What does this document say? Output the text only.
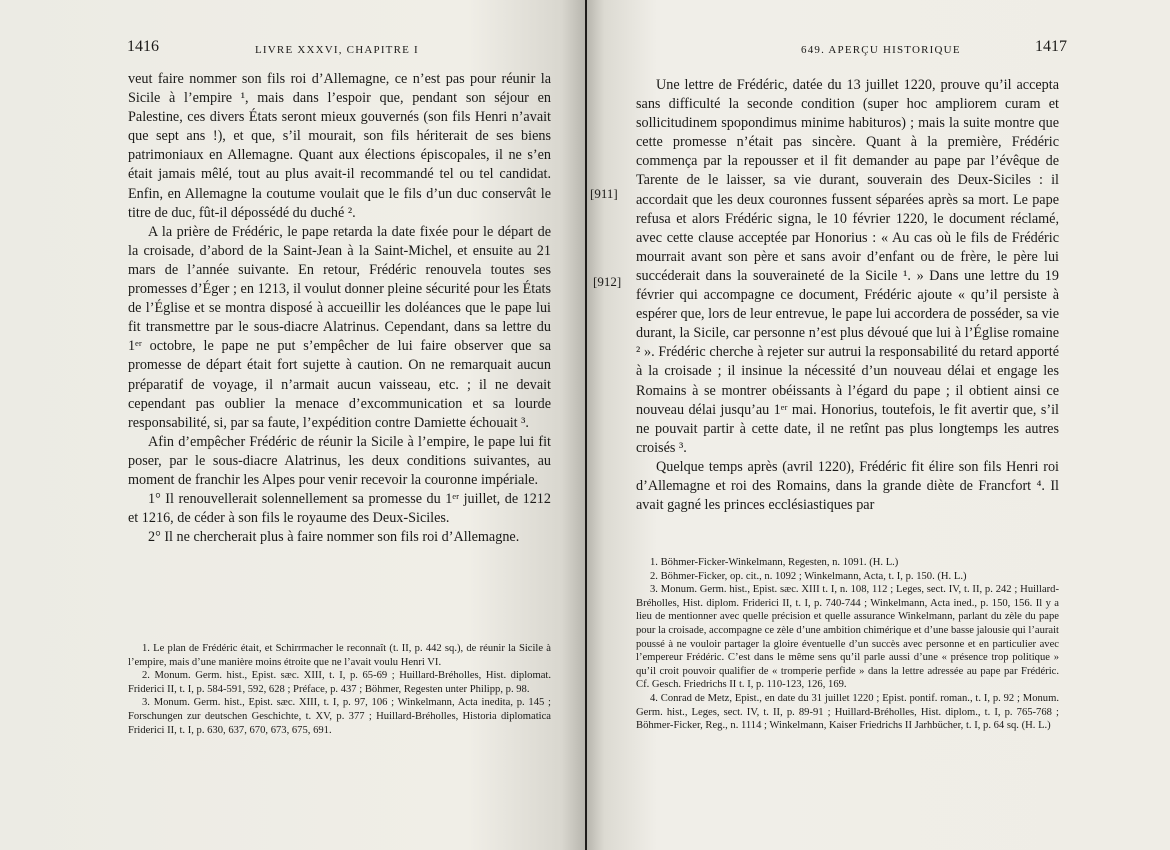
1416	LIVRE XXXVI, CHAPITRE I

veut faire nommer son fils roi d’Allemagne, ce n’est pas pour réunir la Sicile à l’empire ¹, mais dans l’espoir que, pendant son séjour en Palestine, ces divers États seront mieux gouvernés (son fils Henri n’avait que sept ans !), et que, s’il mourait, son fils hériterait de ses biens patrimoniaux en Allemagne. Quant aux élections épiscopales, il ne s’en était jamais mêlé, tout au plus avait-il recommandé tel ou tel candidat. Enfin, en Allemagne la coutume voulait que le fils d’un duc conservât le titre de duc, fût-il dépossédé du duché ².

A la prière de Frédéric, le pape retarda la date fixée pour le départ de la croisade, d’abord de la Saint-Jean à la Saint-Michel, et ensuite au 21 mars de l’année suivante. En retour, Frédéric renouvela toutes ses promesses d’Éger ; en 1213, il voulut donner pleine sécurité pour les États de l’Église et se montra disposé à accueillir les doléances que le pape lui fit transmettre par le sous-diacre Alatrinus. Cependant, dans sa lettre du 1ᵉʳ octobre, le pape ne put s’empêcher de lui faire observer que sa promesse de départ était fort sujette à caution. On ne remarquait aucun préparatif de voyage, il n’armait aucun vaisseau, etc. ; il ne devait cependant pas oublier la menace d’excommunication et sa lourde responsabilité, si, par sa faute, l’expédition contre Damiette échouait ³.

Afin d’empêcher Frédéric de réunir la Sicile à l’empire, le pape lui fit poser, par le sous-diacre Alatrinus, les deux conditions suivantes, au moment de franchir les Alpes pour venir recevoir la couronne impériale.

1° Il renouvellerait solennellement sa promesse du 1ᵉʳ juillet, de 1212 et 1216, de céder à son fils le royaume des Deux-Siciles.

2° Il ne chercherait plus à faire nommer son fils roi d’Allemagne.

1. Le plan de Frédéric était, et Schirrmacher le reconnaît (t. II, p. 442 sq.), de réunir la Sicile à l’empire, mais d’une manière moins étroite que ne l’avait voulu Henri VI.

2. Monum. Germ. hist., Epist. sæc. XIII, t. I, p. 65-69 ; Huillard-Bréholles, Hist. diplomat. Friderici II, t. I, p. 584-591, 592, 628 ; Préface, p. 437 ; Böhmer, Regesten unter Philipp, p. 98.

3. Monum. Germ. hist., Epist. sæc. XIII, t. I, p. 97, 106 ; Winkelmann, Acta inedita, p. 145 ; Forschungen zur deutschen Geschichte, t. XV, p. 377 ; Huillard-Bréholles, Historia diplomatica Friderici II, t. I, p. 630, 637, 670, 673, 675, 691.

649. APERÇU HISTORIQUE	1417
[911]
[912]

Une lettre de Frédéric, datée du 13 juillet 1220, prouve qu’il accepta sans difficulté la seconde condition (super hoc ampliorem curam et sollicitudinem spopondimus minime habituros) ; mais la suite montre que cette promesse n’était pas sincère. Quant à la première, Frédéric commença par la repousser et il fit demander au pape par l’évêque de Tarente de le laisser, sa vie durant, souverain des Deux-Siciles : il accordait que les deux couronnes fussent séparées après sa mort. Le pape refusa et alors Frédéric signa, le 10 février 1220, le document réclamé, avec cette clause acceptée par Honorius : « Au cas où le fils de Frédéric mourrait avant son père et sans avoir d’enfant ou de frère, le père lui succéderait dans la souveraineté de la Sicile ¹. » Dans une lettre du 19 février qui accompagne ce document, Frédéric ajoute « qu’il persiste à espérer que, lors de leur entrevue, le pape lui accordera de posséder, sa vie durant, la Sicile, car personne n’est plus dévoué que lui à l’Église romaine ² ». Frédéric cherche à rejeter sur autrui la responsabilité du retard apporté à la croisade ; il insinue la nécessité d’un nouveau délai et engage les Romains à se montrer obéissants à l’égard du pape ; il obtient ainsi ce nouveau délai jusqu’au 1ᵉʳ mai. Honorius, toutefois, le fit avertir que, s’il ne pouvait partir à cette date, il ne retînt pas plus longtemps les autres croisés ³.

Quelque temps après (avril 1220), Frédéric fit élire son fils Henri roi d’Allemagne et roi des Romains, dans la grande diète de Francfort ⁴. Il avait gagné les princes ecclésiastiques par

1. Böhmer-Ficker-Winkelmann, Regesten, n. 1091. (H. L.)

2. Böhmer-Ficker, op. cit., n. 1092 ; Winkelmann, Acta, t. I, p. 150. (H. L.)

3. Monum. Germ. hist., Epist. sæc. XIII t. I, n. 108, 112 ; Leges, sect. IV, t. II, p. 242 ; Huillard-Bréholles, Hist. diplom. Friderici II, t. I, p. 740-744 ; Winkelmann, Acta ined., p. 150, 156. Il y a lieu de mentionner avec quelle précision et quelle assurance Winkelmann, parlant du zèle du pape pour la croisade, accompagne ce zèle d’une ambition chimérique et d’une basse jalousie qui l’aurait poussé à ne vouloir partager la gloire éventuelle d’un succès avec personne et en particulier avec l’empereur Frédéric. C’est dans le même sens qu’il parle aussi d’une « présence trop politique » qu’il croit pouvoir qualifier de « tromperie perfide » dans la lettre adressée au pape par Frédéric. Cf. Gesch. Friedrichs II t. I, p. 110-123, 126, 169.

4. Conrad de Metz, Epist., en date du 31 juillet 1220 ; Epist. pontif. roman., t. I, p. 92 ; Monum. Germ. hist., Leges, sect. IV, t. II, p. 89-91 ; Huillard-Bréholles, Hist. diplom., t. I, p. 765-768 ; Böhmer-Ficker, Reg., n. 1114 ; Winkelmann, Kaiser Friedrichs II Jarhbücher, t. I, p. 64 sq. (H. L.)
